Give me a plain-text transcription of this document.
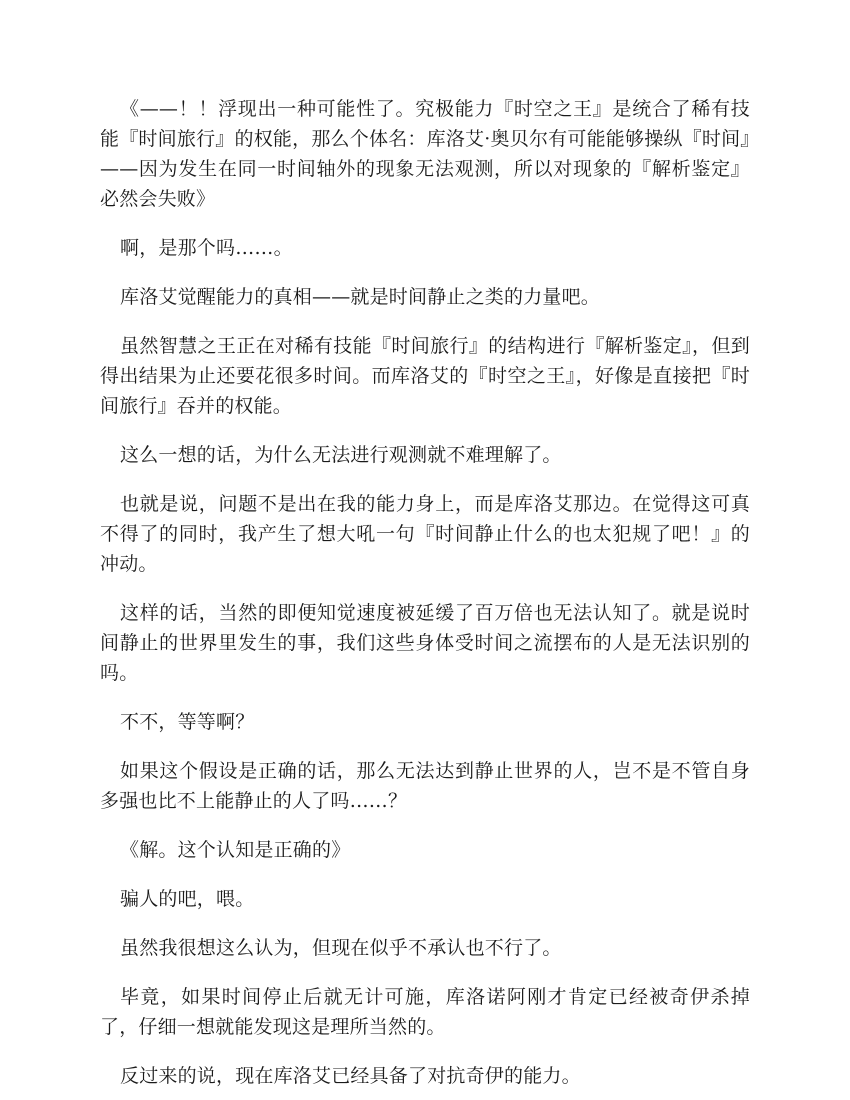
《——！！浮现出一种可能性了。究极能力『时空之王』是统合了稀有技能『时间旅行』的权能，那么个体名：库洛艾·奥贝尔有可能能够操纵『时间』——因为发生在同一时间轴外的现象无法观测，所以对现象的『解析鉴定』必然会失败》

啊，是那个吗……。

库洛艾觉醒能力的真相——就是时间静止之类的力量吧。

虽然智慧之王正在对稀有技能『时间旅行』的结构进行『解析鉴定』，但到得出结果为止还要花很多时间。而库洛艾的『时空之王』，好像是直接把『时间旅行』吞并的权能。

这么一想的话，为什么无法进行观测就不难理解了。

也就是说，问题不是出在我的能力身上，而是库洛艾那边。在觉得这可真不得了的同时，我产生了想大吼一句『时间静止什么的也太犯规了吧！』的冲动。

这样的话，当然的即便知觉速度被延缓了百万倍也无法认知了。就是说时间静止的世界里发生的事，我们这些身体受时间之流摆布的人是无法识别的吗。

不不，等等啊？

如果这个假设是正确的话，那么无法达到静止世界的人，岂不是不管自身多强也比不上能静止的人了吗……？

《解。这个认知是正确的》

骗人的吧，喂。

虽然我很想这么认为，但现在似乎不承认也不行了。

毕竟，如果时间停止后就无计可施，库洛诺阿刚才肯定已经被奇伊杀掉了，仔细一想就能发现这是理所当然的。

反过来的说，现在库洛艾已经具备了对抗奇伊的能力。
